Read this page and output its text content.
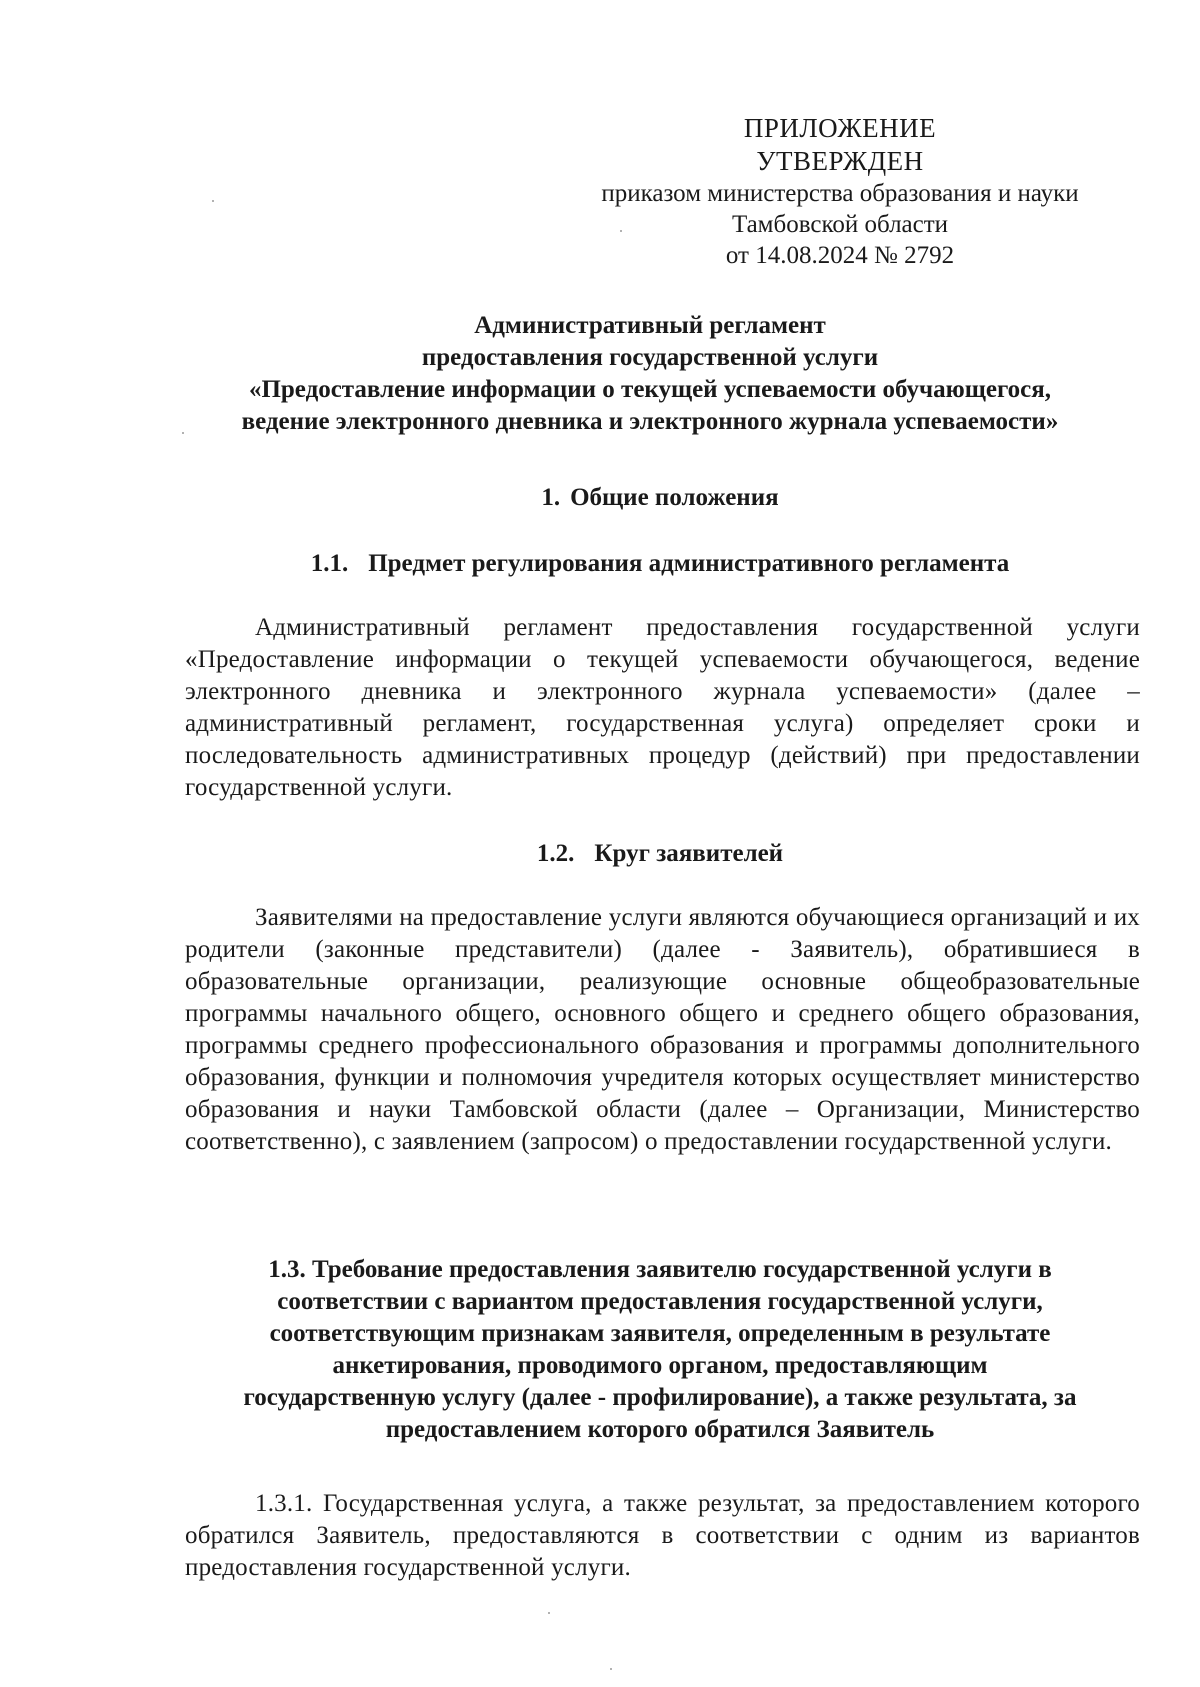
ПРИЛОЖЕНИЕ
УТВЕРЖДЕН
приказом министерства образования и науки
Тамбовской области
от 14.08.2024 № 2792
Административный регламент
предоставления государственной услуги
«Предоставление информации о текущей успеваемости обучающегося,
ведение электронного дневника и электронного журнала успеваемости»
1. Общие положения
1.1. Предмет регулирования административного регламента
Административный регламент предоставления государственной услуги «Предоставление информации о текущей успеваемости обучающегося, ведение электронного дневника и электронного журнала успеваемости» (далее – административный регламент, государственная услуга) определяет сроки и последовательность административных процедур (действий) при предоставлении государственной услуги.
1.2. Круг заявителей
Заявителями на предоставление услуги являются обучающиеся организаций и их родители (законные представители) (далее - Заявитель), обратившиеся в образовательные организации, реализующие основные общеобразовательные программы начального общего, основного общего и среднего общего образования, программы среднего профессионального образования и программы дополнительного образования, функции и полномочия учредителя которых осуществляет министерство образования и науки Тамбовской области (далее – Организации, Министерство соответственно), с заявлением (запросом) о предоставлении государственной услуги.
1.3. Требование предоставления заявителю государственной услуги в
соответствии с вариантом предоставления государственной услуги,
соответствующим признакам заявителя, определенным в результате
анкетирования, проводимого органом, предоставляющим
государственную услугу (далее - профилирование), а также результата, за
предоставлением которого обратился Заявитель
1.3.1. Государственная услуга, а также результат, за предоставлением которого обратился Заявитель, предоставляются в соответствии с одним из вариантов предоставления государственной услуги.
